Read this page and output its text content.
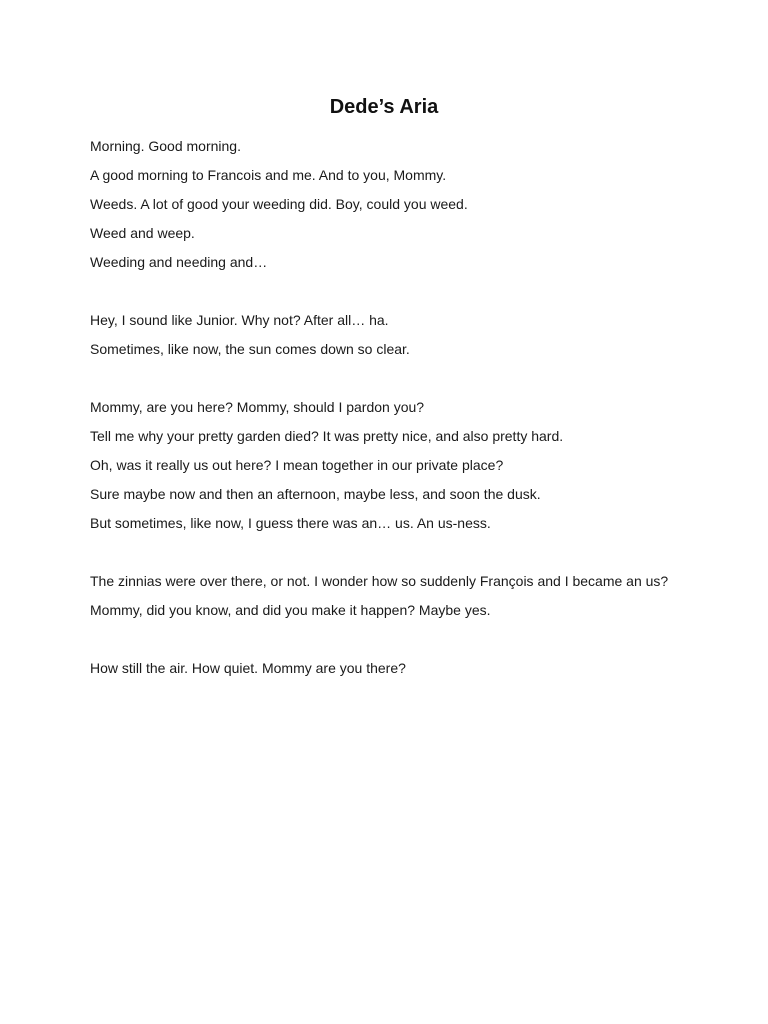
Dede’s Aria

Morning. Good morning.

A good morning to Francois and me. And to you, Mommy.

Weeds. A lot of good your weeding did. Boy, could you weed.

Weed and weep.

Weeding and needing and…

Hey, I sound like Junior. Why not? After all… ha.

Sometimes, like now, the sun comes down so clear.

Mommy, are you here? Mommy, should I pardon you?

Tell me why your pretty garden died? It was pretty nice, and also pretty hard.

Oh, was it really us out here? I mean together in our private place?

Sure maybe now and then an afternoon, maybe less, and soon the dusk.

But sometimes, like now, I guess there was an… us. An us-ness.

The zinnias were over there, or not. I wonder how so suddenly François and I became an us?

Mommy, did you know, and did you make it happen? Maybe yes.

How still the air. How quiet. Mommy are you there?
